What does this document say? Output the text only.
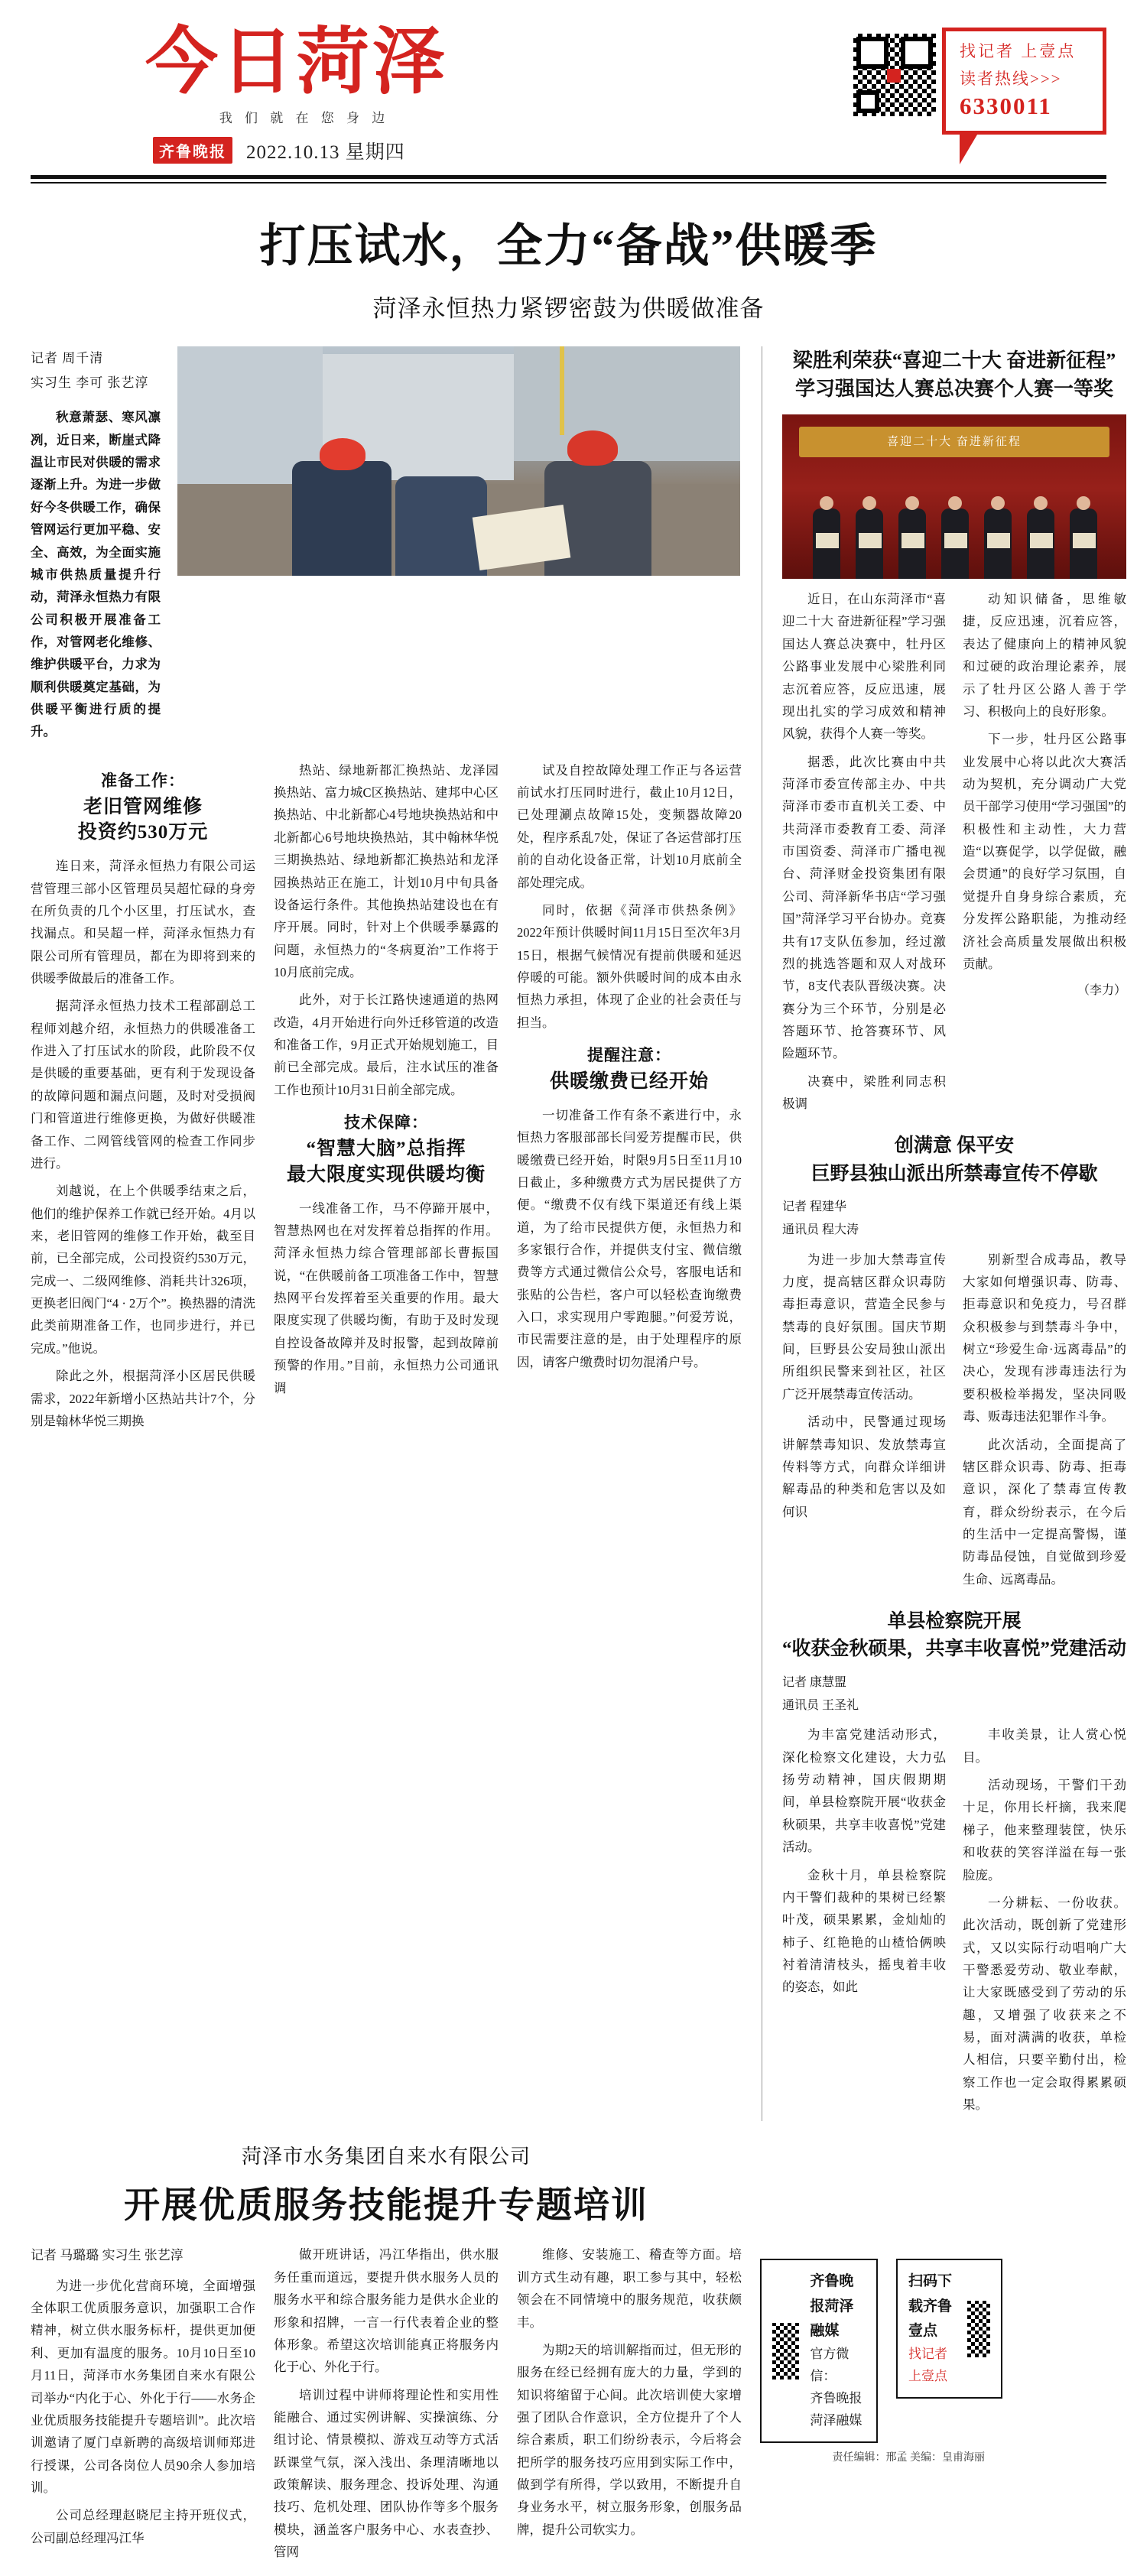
今日菏泽
我 们 就 在 您 身 边
齐鲁晚报	2022.10.13 星期四
找记者 上壹点
读者热线>>>
6330011
打压试水，全力“备战”供暖季
菏泽永恒热力紧锣密鼓为供暖做准备
记者 周千清
实习生 李可 张艺淳

秋意萧瑟、寒风凛冽，近日来，断崖式降温让市民对供暖的需求逐渐上升。为进一步做好今冬供暖工作，确保管网运行更加平稳、安全、高效，为全面实施城市供热质量提升行动，菏泽永恒热力有限公司积极开展准备工作，对管网老化维修、维护供暖平台，力求为顺利供暖奠定基础，为供暖平衡进行质的提升。

准备工作：
老旧管网维修
投资约530万元

连日来，菏泽永恒热力有限公司运营管理三部小区管理员吴超忙碌的身旁在所负责的几个小区里，打压试水，查找漏点。和吴超一样，菏泽永恒热力有限公司所有管理员，都在为即将到来的供暖季做最后的准备工作。

据菏泽永恒热力技术工程部副总工程师刘越介绍，永恒热力的供暖准备工作进入了打压试水的阶段，此阶段不仅是供暖的重要基础，更有利于发现设备的故障问题和漏点问题，及时对受损阀门和管道进行维修更换，为做好供暖准备工作、二网管线管网的检查工作同步进行。

刘越说，在上个供暖季结束之后，他们的维护保养工作就已经开始。4月以来，老旧管网的维修工作开始，截至目前，已全部完成，公司投资约530万元，完成一、二级网维修、消耗共计326项，更换老旧阀门“4 · 2万个”。换热器的清洗此类前期准备工作，也同步进行，并已完成。”他说。

除此之外，根据菏泽小区居民供暖需求，2022年新增小区热站共计7个，分别是翰林华悦三期换

热站、绿地新都汇换热站、龙泽园换热站、富力城C区换热站、建邦中心区换热站、中北新都心4号地块换热站和中北新都心6号地块换热站，其中翰林华悦三期换热站、绿地新都汇换热站和龙泽园换热站正在施工，计划10月中旬具备设备运行条件。其他换热站建设也在有序开展。同时，针对上个供暖季暴露的问题，永恒热力的“冬病夏治”工作将于10月底前完成。

此外，对于长江路快速通道的热网改造，4月开始进行向外迁移管道的改造和准备工作，9月正式开始规划施工，目前已全部完成。最后，注水试压的准备工作也预计10月31日前全部完成。

技术保障：
“智慧大脑”总指挥
最大限度实现供暖均衡

一线准备工作，马不停蹄开展中，智慧热网也在对发挥着总指挥的作用。菏泽永恒热力综合管理部部长曹振国说，“在供暖前备工项准备工作中，智慧热网平台发挥着至关重要的作用。最大限度实现了供暖均衡，有助于及时发现自控设备故障并及时报警，起到故障前预警的作用。”目前，永恒热力公司通讯调

试及自控故障处理工作正与各运营前试水打压同时进行，截止10月12日，已处理涮点故障15处，变频器故障20处，程序系乱7处，保证了各运营部打压前的自动化设备正常，计划10月底前全部处理完成。

同时，依据《菏泽市供热条例》2022年预计供暖时间11月15日至次年3月15日，根据气候情况有提前供暖和延迟停暖的可能。额外供暖时间的成本由永恒热力承担，体现了企业的社会责任与担当。

提醒注意：
供暖缴费已经开始

一切准备工作有条不紊进行中，永恒热力客服部部长闫爱芳提醒市民，供暖缴费已经开始，时限9月5日至11月10日截止，多种缴费方式为居民提供了方便。“缴费不仅有线下渠道还有线上渠道，为了给市民提供方便，永恒热力和多家银行合作，并提供支付宝、微信缴费等方式通过微信公众号，客服电话和张贴的公告栏，客户可以轻松查询缴费入口，求实现用户零跑腿。”何爱芳说，市民需要注意的是，由于处理程序的原因，请客户缴费时切勿混淆户号。

梁胜利荣获“喜迎二十大 奋进新征程”
学习强国达人赛总决赛个人赛一等奖
喜迎二十大 奋进新征程

近日，在山东菏泽市“喜迎二十大 奋进新征程”学习强国达人赛总决赛中，牡丹区公路事业发展中心梁胜利同志沉着应答，反应迅速，展现出扎实的学习成效和精神风貌，获得个人赛一等奖。

据悉，此次比赛由中共菏泽市委宣传部主办、中共菏泽市委市直机关工委、中共菏泽市委教育工委、菏泽市国资委、菏泽市广播电视台、菏泽财金投资集团有限公司、菏泽新华书店“学习强国”菏泽学习平台协办。竞赛共有17支队伍参加，经过激烈的挑选答题和双人对战环节，8支代表队晋级决赛。决赛分为三个环节，分别是必答题环节、抢答赛环节、风险题环节。

决赛中，梁胜利同志积极调

动知识储备，思维敏捷，反应迅速，沉着应答，表达了健康向上的精神风貌和过硬的政治理论素养，展示了牡丹区公路人善于学习、积极向上的良好形象。

下一步，牡丹区公路事业发展中心将以此次大赛活动为契机，充分调动广大党员干部学习使用“学习强国”的积极性和主动性，大力营造“以赛促学，以学促做，融会贯通”的良好学习氛围，自觉提升自身身综合素质，充分发挥公路职能，为推动经济社会高质量发展做出积极贡献。

（李力）
创满意 保平安
巨野县独山派出所禁毒宣传不停歇
记者 程建华
通讯员 程大涛

为进一步加大禁毒宣传力度，提高辖区群众识毒防毒拒毒意识，营造全民参与禁毒的良好氛围。国庆节期间，巨野县公安局独山派出所组织民警来到社区，社区广泛开展禁毒宣传活动。

活动中，民警通过现场讲解禁毒知识、发放禁毒宣传料等方式，向群众详细讲解毒品的种类和危害以及如何识

别新型合成毒品，教导大家如何增强识毒、防毒、拒毒意识和免疫力，号召群众积极参与到禁毒斗争中，树立“珍爱生命·远离毒品”的决心，发现有涉毒违法行为要积极检举揭发，坚决同吸毒、贩毒违法犯罪作斗争。

此次活动，全面提高了辖区群众识毒、防毒、拒毒意识，深化了禁毒宣传教育，群众纷纷表示，在今后的生活中一定提高警惕，谨防毒品侵蚀，自觉做到珍爱生命、远离毒品。

单县检察院开展
“收获金秋硕果，共享丰收喜悦”党建活动
记者 康慧盟
通讯员 王圣礼

为丰富党建活动形式，深化检察文化建设，大力弘扬劳动精神，国庆假期期间，单县检察院开展“收获金秋硕果，共享丰收喜悦”党建活动。

金秋十月，单县检察院内干警们裁种的果树已经繁叶茂，硕果累累，金灿灿的柿子、红艳艳的山楂恰俩映衬着清清枝头，摇曳着丰收的姿态，如此

丰收美景，让人赏心悦目。

活动现场，干警们干劲十足，你用长杆摘，我来爬梯子，他来整理装筐，快乐和收获的笑容洋溢在每一张脸庞。

一分耕耘、一份收获。此次活动，既创新了党建形式，又以实际行动唱响广大干警悉爱劳动、敬业奉献，让大家既感受到了劳动的乐趣，又增强了收获来之不易，面对满满的收获，单检人相信，只要辛勤付出，检察工作也一定会取得累累硕果。

菏泽市水务集团自来水有限公司
开展优质服务技能提升专题培训
记者 马璐璐 实习生 张艺淳

为进一步优化营商环境，全面增强全体职工优质服务意识，加强职工合作精神，树立供水服务标杆，提供更加便利、更加有温度的服务。10月10日至10月11日，菏泽市水务集团自来水有限公司举办“内化于心、外化于行——水务企业优质服务技能提升专题培训”。此次培训邀请了厦门卓新聘的高级培训师郑进行授课，公司各岗位人员90余人参加培训。

公司总经理赵晓尼主持开班仪式，公司副总经理冯江华

做开班讲话，冯江华指出，供水服务任重而道远，要提升供水服务人员的服务水平和综合服务能力是供水企业的形象和招牌，一言一行代表着企业的整体形象。希望这次培训能真正将服务内化于心、外化于行。

培训过程中讲师将理论性和实用性能融合、通过实例讲解、实操演练、分组讨论、情景模拟、游戏互动等方式活跃课堂气氛，深入浅出、条理清晰地以政策解读、服务理念、投诉处理、沟通技巧、危机处理、团队协作等多个服务模块，涵盖客户服务中心、水表查抄、管网

维修、安装施工、稽查等方面。培训方式生动有趣，职工参与其中，轻松领会在不同情境中的服务规范，收获颇丰。

为期2天的培训解指而过，但无形的服务在经已经拥有庞大的力量，学到的知识将缩留于心间。此次培训使大家增强了团队合作意识，全方位提升了个人综合素质，职工们纷纷表示，今后将会把所学的服务技巧应用到实际工作中，做到学有所得，学以致用，不断提升自身业务水平，树立服务形象，创服务品牌，提升公司软实力。

齐鲁晚报菏泽融媒
官方微信：
齐鲁晚报菏泽融媒
扫码下载齐鲁壹点
找记者 上壹点
责任编辑：邢孟 美编：皇甫海丽
